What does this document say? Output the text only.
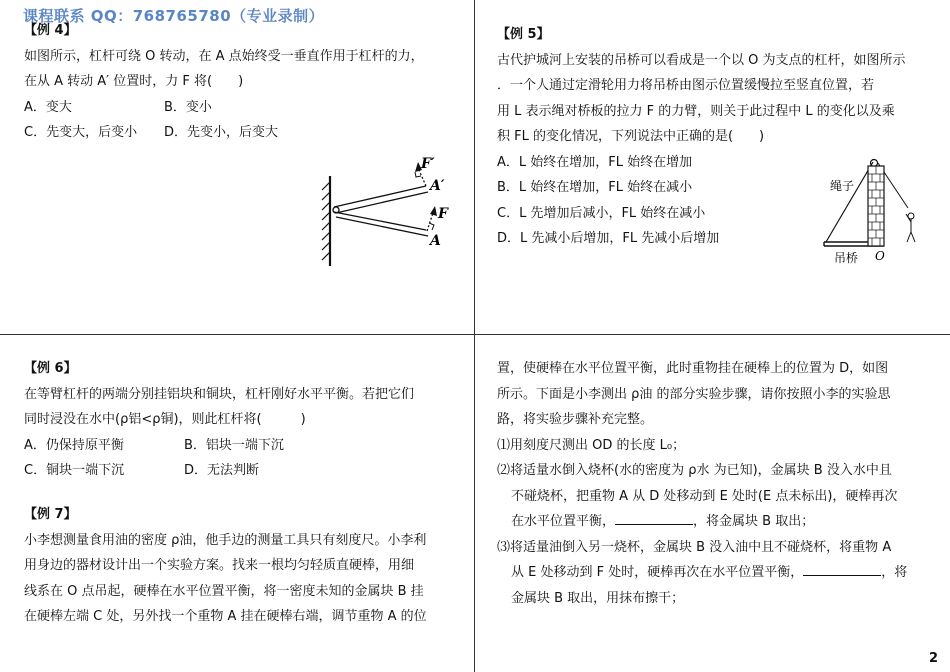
课程联系 QQ：768765780（专业录制）
【例 4】
如图所示，杠杆可绕 O 转动，在 A 点始终受一垂直作用于杠杆的力，
在从 A 转动 A′ 位置时，力 F 将(　　)
A．变大	B．变小
C．先变大，后变小	D．先变小，后变大
F′
A′
F
A
【例 5】
古代护城河上安装的吊桥可以看成是一个以 O 为支点的杠杆，如图所示
．一个人通过定滑轮用力将吊桥由图示位置缓慢拉至竖直位置，若
用 L 表示绳对桥板的拉力 F 的力臂，则关于此过程中 L 的变化以及乘
积 FL 的变化情况，下列说法中正确的是(　　)
A．L 始终在增加，FL 始终在增加
B．L 始终在增加，FL 始终在减小
C．L 先增加后减小，FL 始终在减小
D．L 先减小后增加，FL 先减小后增加
绳子
吊桥 O
【例 6】
在等臂杠杆的两端分别挂铝块和铜块，杠杆刚好水平平衡。若把它们
同时浸没在水中(ρ铝<ρ铜)，则此杠杆将(　　　)
A．仍保持原平衡	B．铝块一端下沉
C．铜块一端下沉	D．无法判断
【例 7】
小李想测量食用油的密度 ρ油，他手边的测量工具只有刻度尺。小李利
用身边的器材设计出一个实验方案。找来一根均匀轻质直硬棒，用细
线系在 O 点吊起，硬棒在水平位置平衡，将一密度未知的金属块 B 挂
在硬棒左端 C 处，另外找一个重物 A 挂在硬棒右端，调节重物 A 的位
置，使硬棒在水平位置平衡，此时重物挂在硬棒上的位置为 D，如图
所示。下面是小李测出 ρ油 的部分实验步骤，请你按照小李的实验思
路，将实验步骤补充完整。
⑴用刻度尺测出 OD 的长度 L₀；
⑵将适量水倒入烧杯(水的密度为 ρ水 为已知)，金属块 B 没入水中且
不碰烧杯，把重物 A 从 D 处移动到 E 处时(E 点未标出)，硬棒再次
在水平位置平衡，	，将金属块 B 取出；
⑶将适量油倒入另一烧杯，金属块 B 没入油中且不碰烧杯，将重物 A
从 E 处移动到 F 处时，硬棒再次在水平位置平衡，	，将
金属块 B 取出，用抹布擦干；
2
